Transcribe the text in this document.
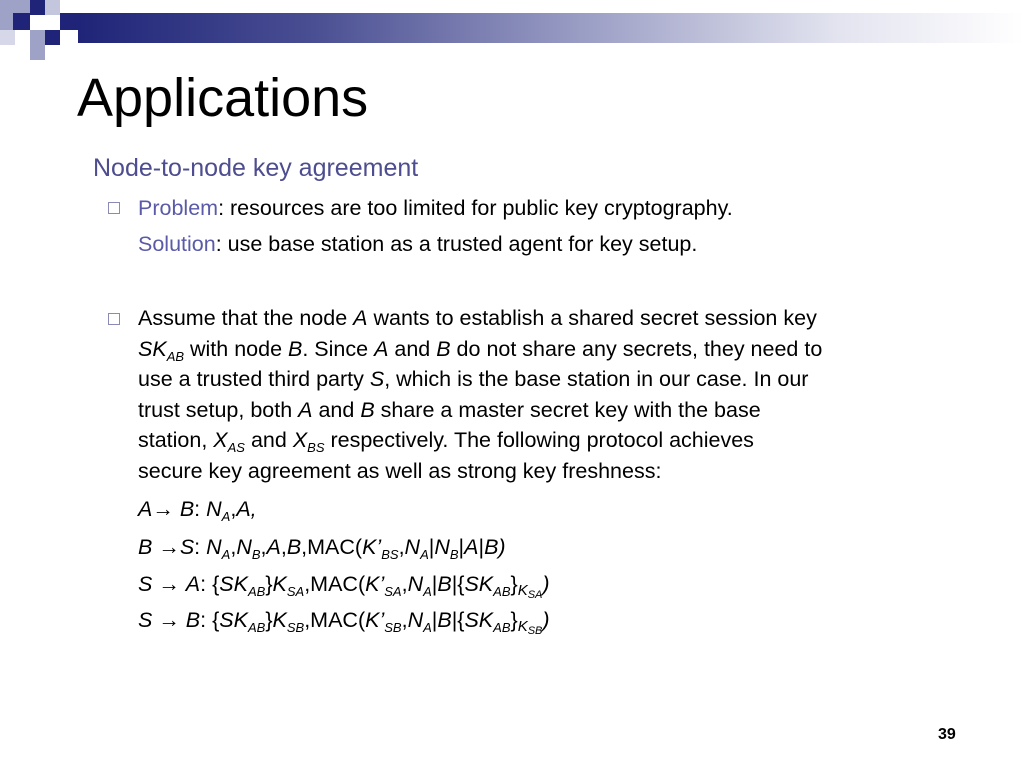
Applications
Node-to-node key agreement
Problem: resources are too limited for public key cryptography.
Solution: use base station as a trusted agent for key setup.
Assume that the node A wants to establish a shared secret session key
$SK_{AB}$ with node B. Since A and B do not share any secrets, they need to
use a trusted third party S, which is the base station in our case. In our
trust setup, both A and B share a master secret key with the base
station, $X_{AS}$ and $X_{BS}$ respectively. The following protocol achieves
secure key agreement as well as strong key freshness:
A→ B: $N_A,A$,
B →S: $N_A,N_B,A,B,MAC(K’_{BS},N_A|N_B|A|B)$
S → A: $\{SK_{AB}\}K_{SA},MAC(K’_{SA},N_A|B|\{SK_{AB}\}K_{SA})$
S → B: $\{SK_{AB}\}K_{SB},MAC(K’_{SB},N_A|B|\{SK_{AB}\}K_{SB})$
39
